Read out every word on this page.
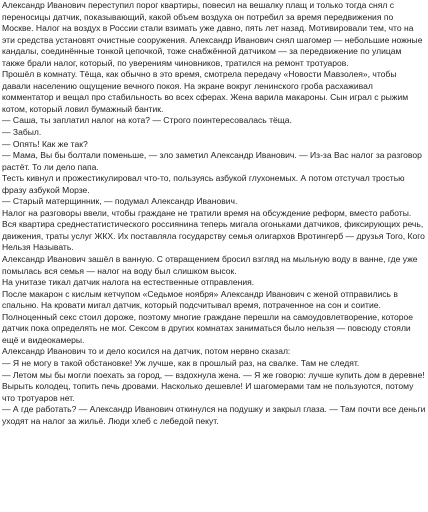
Александр Иванович переступил порог квартиры, повесил на вешалку плащ и только тогда снял с переносицы датчик, показывающий, какой объем воздуха он потребил за время передвижения по Москве. Налог на воздух в России стали взимать уже давно, пять лет назад. Мотивировали тем, что на эти средства установят очистные сооружения. Александр Иванович снял шагомер — небольшие ножные кандалы, соединённые тонкой цепочкой, тоже снабжённой датчиком — за передвижение по улицам также брали налог, который, по уверениям чиновников, тратился на ремонт тротуаров.

Прошёл в комнату. Тёща, как обычно в это время, смотрела передачу «Новости Мавзолея», чтобы давали населению ощущение вечного покоя. На экране вокруг ленинского гроба расхаживал комментатор и вещал про стабильность во всех сферах. Жена варила макароны. Сын играл с рыжим котом, который ловил бумажный бантик.

— Саша, ты заплатил налог на кота? — Строго поинтересовалась тёща.

— Забыл.

— Опять! Как же так?

— Мама, Вы бы болтали поменьше, — зло заметил Александр Иванович. — Из-за Вас налог за разговор растёт. То ли дело папа.

Тесть кивнул и прожестикулировал что-то, пользуясь азбукой глухонемых. А потом отстучал тростью фразу азбукой Морзе.

— Старый матерщинник, — подумал Александр Иванович.

Налог на разговоры ввели, чтобы граждане не тратили время на обсуждение реформ, вместо работы. Вся квартира среднестатистического россиянина теперь мигала огоньками датчиков, фиксирующих речь, движения, траты услуг ЖКХ. Их поставляла государству семья олигархов Вротингерб — друзья Того, Кого Нельзя Называть.

Александр Иванович зашёл в ванную. С отвращением бросил взгляд на мыльную воду в ванне, где уже помылась вся семья — налог на воду был слишком высок.

На унитазе тикал датчик налога на естественные отправления.

После макарон с кислым кетчупом «Седьмое ноября» Александр Иванович с женой отправились в спальню. На кровати мигал датчик, который подсчитывал время, потраченное на сон и соитие.

Полноценный секс стоил дороже, поэтому многие граждане перешли на самоудовлетворение, которое датчик пока определять не мог. Сексом в других комнатах заниматься было нельзя — повсюду стояли ещё и видеокамеры.

Александр Иванович то и дело косился на датчик, потом нервно сказал:

— Я не могу в такой обстановке! Уж лучше, как в прошлый раз, на свалке. Там не следят.

— Летом мы бы могли поехать за город, — вздохнула жена. — Я же говорю: лучше купить дом в деревне! Вырыть колодец, топить печь дровами. Насколько дешевле! И шагомерами там не пользуются, потому что тротуаров нет.

— А где работать? — Александр Иванович откинулся на подушку и закрыл глаза. — Там почти все деньги уходят на налог за жильё. Люди хлеб с лебедой пекут.
